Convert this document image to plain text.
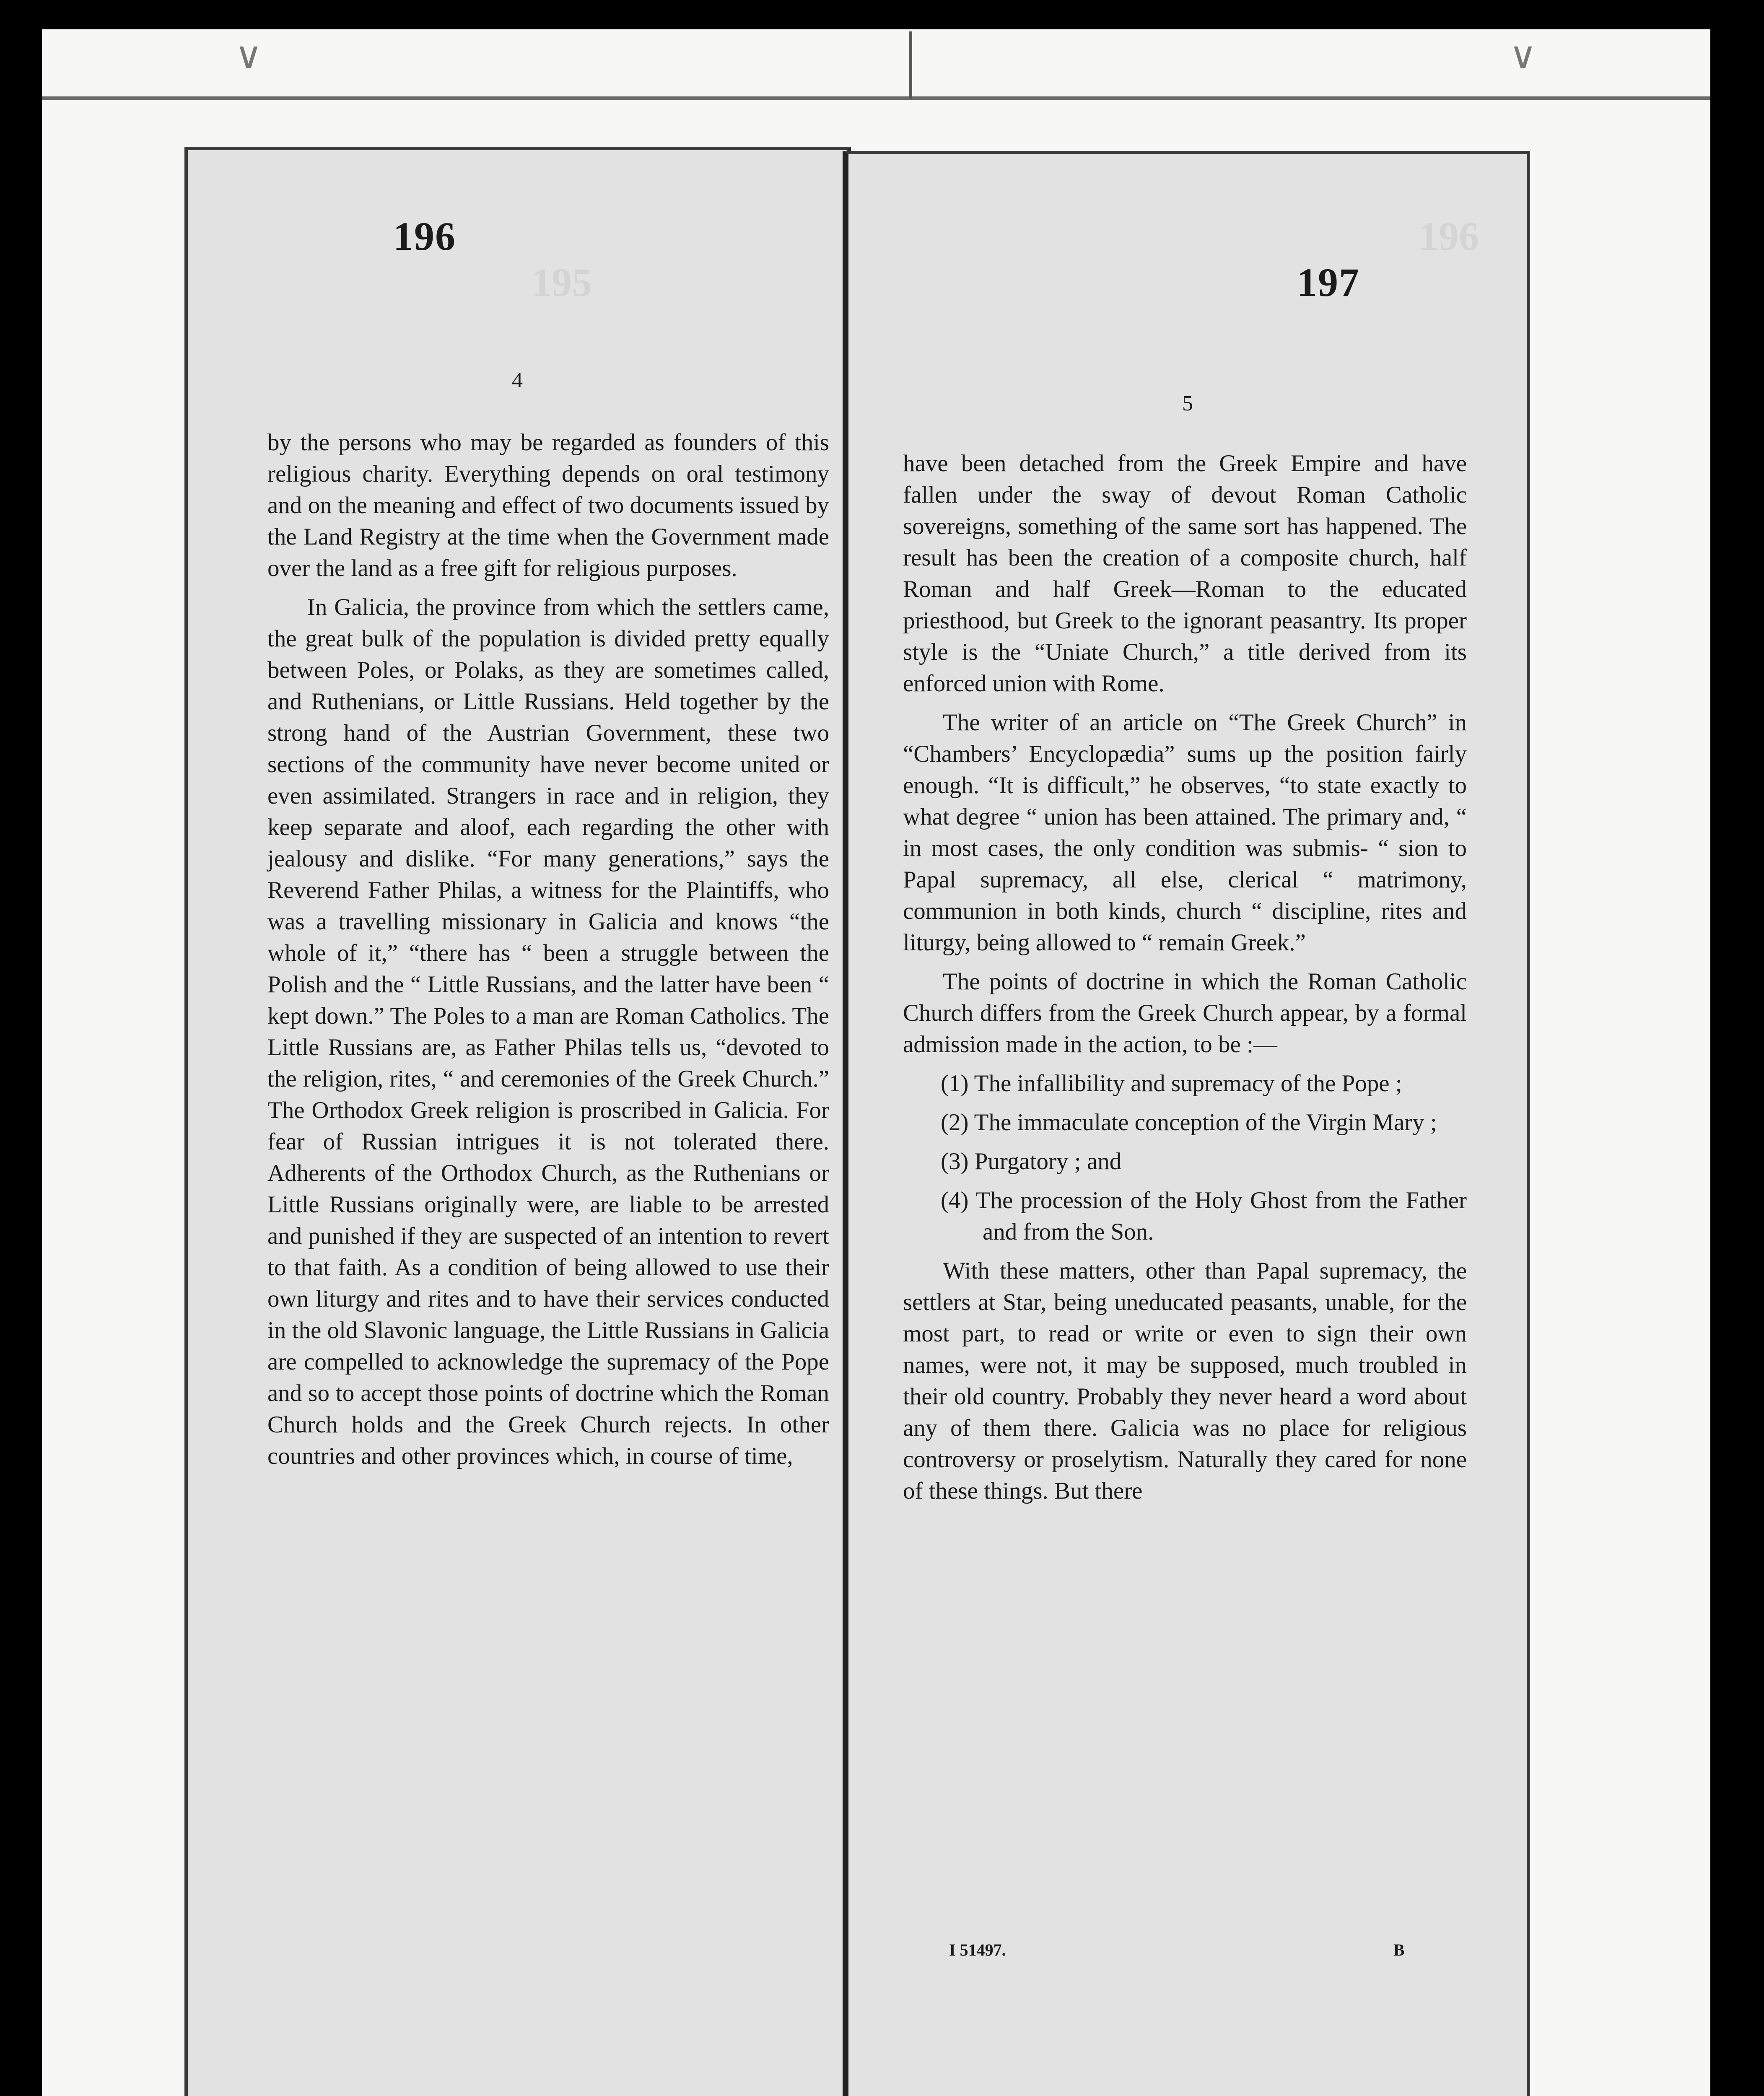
∨	∨
195
196
4

by the persons who may be regarded as founders of this religious charity. Everything depends on oral testimony and on the meaning and effect of two documents issued by the Land Registry at the time when the Government made over the land as a free gift for religious purposes.

In Galicia, the province from which the settlers came, the great bulk of the population is divided pretty equally between Poles, or Polaks, as they are sometimes called, and Ruthenians, or Little Russians. Held together by the strong hand of the Austrian Government, these two sections of the community have never become united or even assimilated. Strangers in race and in religion, they keep separate and aloof, each regarding the other with jealousy and dislike. “For many generations,” says the Reverend Father Philas, a witness for the Plaintiffs, who was a travelling missionary in Galicia and knows “the whole of it,” “there has “ been a struggle between the Polish and the “ Little Russians, and the latter have been “ kept down.” The Poles to a man are Roman Catholics. The Little Russians are, as Father Philas tells us, “devoted to the religion, rites, “ and ceremonies of the Greek Church.” The Orthodox Greek religion is proscribed in Galicia. For fear of Russian intrigues it is not tolerated there. Adherents of the Orthodox Church, as the Ruthenians or Little Russians originally were, are liable to be arrested and punished if they are suspected of an intention to revert to that faith. As a condition of being allowed to use their own liturgy and rites and to have their services conducted in the old Slavonic language, the Little Russians in Galicia are compelled to acknowledge the supremacy of the Pope and so to accept those points of doctrine which the Roman Church holds and the Greek Church rejects. In other countries and other provinces which, in course of time,

196
197
5

have been detached from the Greek Empire and have fallen under the sway of devout Roman Catholic sovereigns, something of the same sort has happened. The result has been the creation of a composite church, half Roman and half Greek—Roman to the educated priesthood, but Greek to the ignorant peasantry. Its proper style is the “Uniate Church,” a title derived from its enforced union with Rome.

The writer of an article on “The Greek Church” in “Chambers’ Encyclopædia” sums up the position fairly enough. “It is difficult,” he observes, “to state exactly to what degree “ union has been attained. The primary and, “ in most cases, the only condition was submis- “ sion to Papal supremacy, all else, clerical “ matrimony, communion in both kinds, church “ discipline, rites and liturgy, being allowed to “ remain Greek.”

The points of doctrine in which the Roman Catholic Church differs from the Greek Church appear, by a formal admission made in the action, to be :—

(1) The infallibility and supremacy of the Pope ;
(2) The immaculate conception of the Virgin Mary ;
(3) Purgatory ; and
(4) The procession of the Holy Ghost from the Father and from the Son.

With these matters, other than Papal supremacy, the settlers at Star, being uneducated peasants, unable, for the most part, to read or write or even to sign their own names, were not, it may be supposed, much troubled in their old country. Probably they never heard a word about any of them there. Galicia was no place for religious controversy or proselytism. Naturally they cared for none of these things. But there

I 51497.	B
